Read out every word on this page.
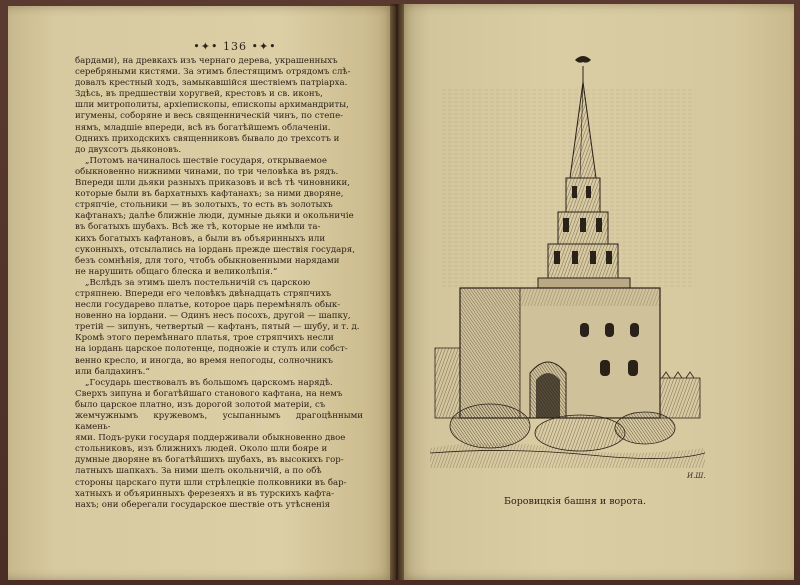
•✦• 136 •✦•

бардами), на древкахъ изъ чернаго дерева, украшенныхъ

серебряными кистями. За этимъ блестящимъ отрядомъ слѣ-

довалъ крестный ходъ, замыкавшійся шествіемъ патріарха.

Здѣсь, въ предшествіи хоругвей, крестовъ и св. иконъ,

шли митрополиты, архіепископы, епископы архимандриты,

игумены, соборяне и весь священническій чинъ, по степе-

нямъ, младшіе впереди, всѣ въ богатѣйшемъ облаченіи.

Однихъ приходскихъ священниковъ бывало до трехсотъ и

до двухсотъ дьяконовъ.

„Потомъ начиналось шествіе государя, открываемое

обыкновенно нижними чинами, по три человѣка въ рядъ.

Впереди шли дьяки разныхъ приказовъ и всѣ тѣ чиновники,

которые были въ бархатныхъ кафтанахъ; за ними дворяне,

стряпчіе, стольники — въ золотыхъ, то есть въ золотыхъ

кафтанахъ; далѣе ближніе люди, думные дьяки и окольничіе

въ богатыхъ шубахъ. Всѣ же тѣ, которые не имѣли та-

кихъ богатыхъ кафтановъ, а были въ объяринныхъ или

суконныхъ, отсылались на іордань прежде шествія государя,

безъ сомнѣнія, для того, чтобъ обыкновенными нарядами

не нарушить общаго блеска и великолѣпія.“

„Вслѣдъ за этимъ шелъ постельничій съ царскою

стряпнею. Впереди его человѣкъ двѣнадцать стряпчихъ

несли государево платье, которое царь перемѣнялъ обык-

новенно на іордани. — Одинъ несъ посохъ, другой — шапку,

третій — зипунъ, четвертый — кафтанъ, пятый — шубу, и т. д.

Кромѣ этого перемѣннаго платья, трое стряпчихъ несли

на іордань царское полотенце, подножіе и стулъ или собст-

венно кресло, и иногда, во время непогоды, солночникъ

или балдахинъ.“

„Государь шествовалъ въ большомъ царскомъ нарядѣ.

Сверхъ зипуна и богатѣйшаго станового кафтана, на немъ

было царское платно, изъ дорогой золотой матеріи, съ

жемчужнымъ кружевомъ, усыпаннымъ драгоцѣнными камень-

ями. Подъ-руки государя поддерживали обыкновенно двое

стольниковъ, изъ ближнихъ людей. Около шли бояре и

думные дворяне въ богатѣйшихъ шубахъ, въ высокихъ гор-

латныхъ шапкахъ. За ними шелъ окольничій, а по обѣ

стороны царскаго пути шли стрѣлецкіе полковники въ бар-

хатныхъ и объяринныхъ ферезеяхъ и въ турскихъ кафта-

нахъ; они оберегали государское шествіе отъ утѣсненія

И.Ш.
Боровицкія башня и ворота.
